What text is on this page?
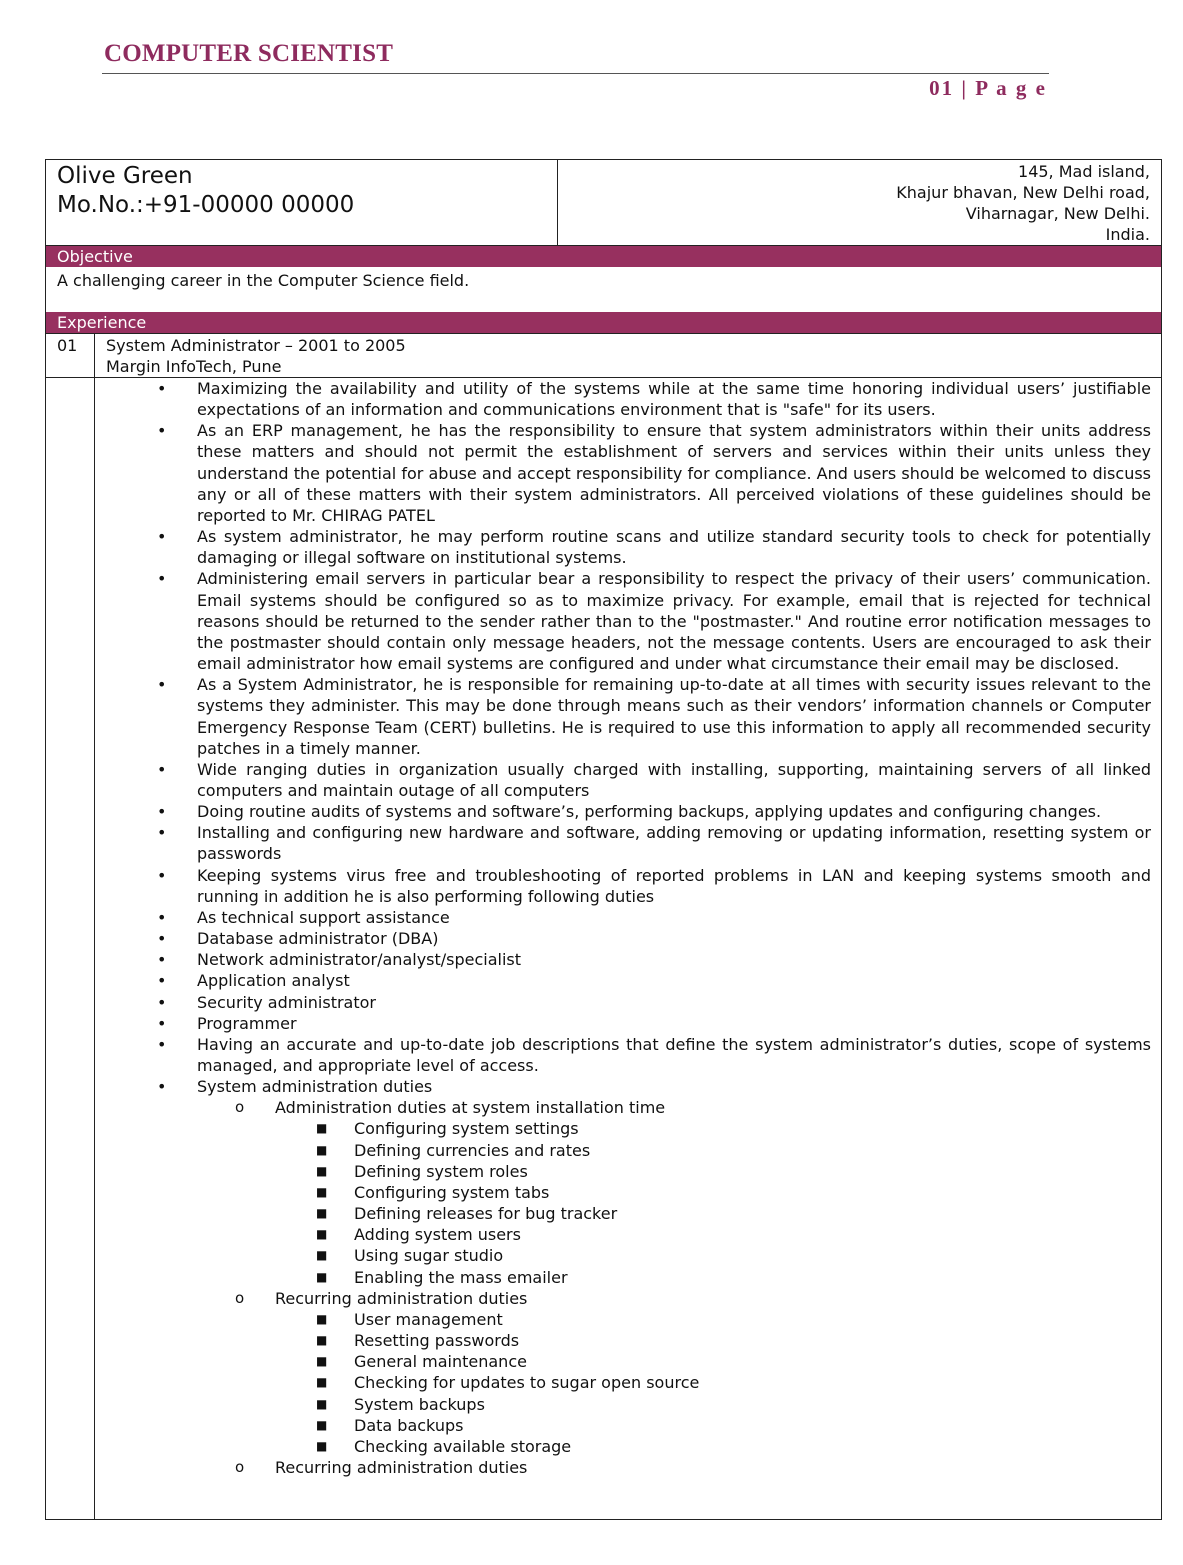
COMPUTER SCIENTIST
01 | P a g e
Olive Green
Mo.No.:+91-00000 00000
145, Mad island,
Khajur bhavan, New Delhi road,
Viharnagar, New Delhi.
India.
Objective
A challenging career in the Computer Science field.
Experience
01 System Administrator – 2001 to 2005
Margin InfoTech, Pune
• Maximizing the availability and utility of the systems while at the same time honoring individual users’ justifiable expectations of an information and communications environment that is "safe" for its users.
• As an ERP management, he has the responsibility to ensure that system administrators within their units address these matters and should not permit the establishment of servers and services within their units unless they understand the potential for abuse and accept responsibility for compliance. And users should be welcomed to discuss any or all of these matters with their system administrators. All perceived violations of these guidelines should be reported to Mr. CHIRAG PATEL
• As system administrator, he may perform routine scans and utilize standard security tools to check for potentially damaging or illegal software on institutional systems.
• Administering email servers in particular bear a responsibility to respect the privacy of their users’ communication. Email systems should be configured so as to maximize privacy. For example, email that is rejected for technical reasons should be returned to the sender rather than to the "postmaster." And routine error notification messages to the postmaster should contain only message headers, not the message contents. Users are encouraged to ask their email administrator how email systems are configured and under what circumstance their email may be disclosed.
• As a System Administrator, he is responsible for remaining up-to-date at all times with security issues relevant to the systems they administer. This may be done through means such as their vendors’ information channels or Computer Emergency Response Team (CERT) bulletins. He is required to use this information to apply all recommended security patches in a timely manner.
• Wide ranging duties in organization usually charged with installing, supporting, maintaining servers of all linked computers and maintain outage of all computers
• Doing routine audits of systems and software’s, performing backups, applying updates and configuring changes.
• Installing and configuring new hardware and software, adding removing or updating information, resetting system or passwords
• Keeping systems virus free and troubleshooting of reported problems in LAN and keeping systems smooth and running in addition he is also performing following duties
• As technical support assistance
• Database administrator (DBA)
• Network administrator/analyst/specialist
• Application analyst
• Security administrator
• Programmer
• Having an accurate and up-to-date job descriptions that define the system administrator’s duties, scope of systems managed, and appropriate level of access.
• System administration duties
o Administration duties at system installation time
■ Configuring system settings
■ Defining currencies and rates
■ Defining system roles
■ Configuring system tabs
■ Defining releases for bug tracker
■ Adding system users
■ Using sugar studio
■ Enabling the mass emailer
o Recurring administration duties
■ User management
■ Resetting passwords
■ General maintenance
■ Checking for updates to sugar open source
■ System backups
■ Data backups
■ Checking available storage
o Recurring administration duties
